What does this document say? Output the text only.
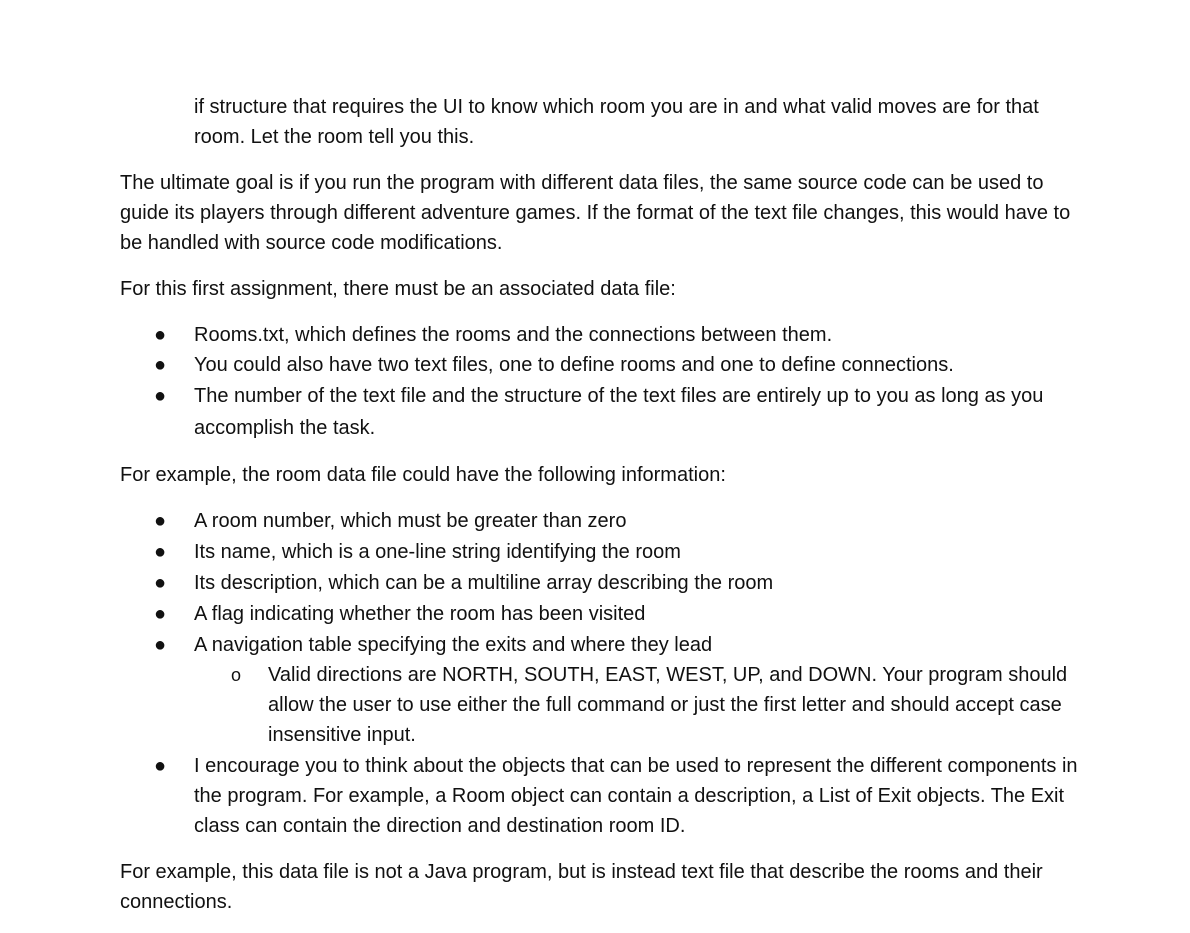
if structure that requires the UI to know which room you are in and what valid moves are for that room. Let the room tell you this.

The ultimate goal is if you run the program with different data files, the same source code can be used to guide its players through different adventure games. If the format of the text file changes, this would have to be handled with source code modifications.

For this first assignment, there must be an associated data file:

● Rooms.txt, which defines the rooms and the connections between them.
● You could also have two text files, one to define rooms and one to define connections.
● The number of the text file and the structure of the text files are entirely up to you as long as you accomplish the task.

For example, the room data file could have the following information:

● A room number, which must be greater than zero
● Its name, which is a one-line string identifying the room
● Its description, which can be a multiline array describing the room
● A flag indicating whether the room has been visited
● A navigation table specifying the exits and where they lead
o Valid directions are NORTH, SOUTH, EAST, WEST, UP, and DOWN. Your program should allow the user to use either the full command or just the first letter and should accept case insensitive input.
● I encourage you to think about the objects that can be used to represent the different components in the program. For example, a Room object can contain a description, a List of Exit objects. The Exit class can contain the direction and destination room ID.

For example, this data file is not a Java program, but is instead text file that describe the rooms and their connections.
